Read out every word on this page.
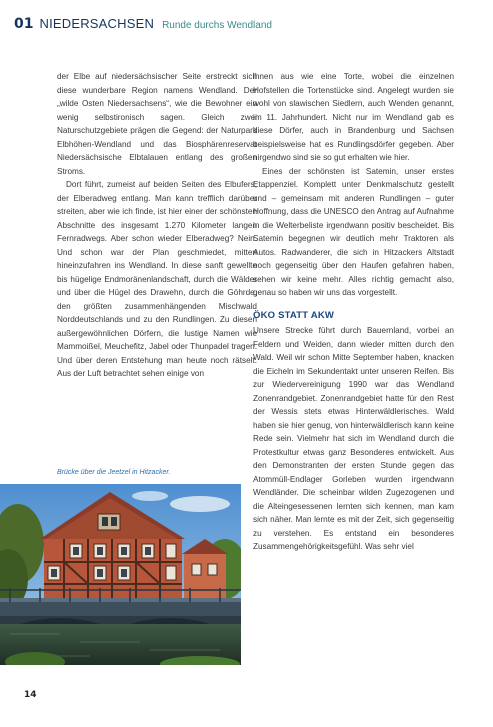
01 NIEDERSACHSEN Runde durchs Wendland

der Elbe auf niedersächsischer Seite erstreckt sich diese wunderbare Region namens Wendland. Der „wilde Osten Niedersachsens“, wie die Bewohner ein wenig selbstironisch sagen. Gleich zwei Naturschutzgebiete prägen die Gegend: der Naturpark Elbhöhen-Wendland und das Biosphärenreservat Niedersächsische Elbtalauen entlang des großen Stroms.

Dort führt, zumeist auf beiden Seiten des Elbufers, der Elberadweg entlang. Man kann trefflich darüber streiten, aber wie ich finde, ist hier einer der schönsten Abschnitte des insgesamt 1.270 Kilometer langen Fernradwegs. Aber schon wieder Elberadweg? Nein. Und schon war der Plan geschmiedet, mitten hineinzufahren ins Wendland. In diese sanft gewellte bis hügelige Endmoränenlandschaft, durch die Wälder und über die Hügel des Drawehn, durch die Göhrde, den größten zusammenhängenden Mischwald Norddeutschlands und zu den Rundlingen. Zu diesen außergewöhnlichen Dörfern, die lustige Namen wie Mammoißel, Meuchefitz, Jabel oder Thunpadel tragen. Und über deren Entstehung man heute noch rätselt. Aus der Luft betrachtet sehen einige von

ihnen aus wie eine Torte, wobei die einzelnen Hofstellen die Tortenstücke sind. Angelegt wurden sie wohl von slawischen Siedlern, auch Wenden genannt, im 11. Jahrhundert. Nicht nur im Wendland gab es diese Dörfer, auch in Brandenburg und Sachsen beispielsweise hat es Rundlingsdörfer gegeben. Aber nirgendwo sind sie so gut erhalten wie hier.

Eines der schönsten ist Satemin, unser erstes Etappenziel. Komplett unter Denkmalschutz gestellt und – gemeinsam mit anderen Rundlingen – guter Hoffnung, dass die UNESCO den Antrag auf Aufnahme in die Welterbeliste irgendwann positiv bescheidet. Bis Satemin begegnen wir deutlich mehr Traktoren als Autos. Radwanderer, die sich in Hitzackers Altstadt noch gegenseitig über den Haufen gefahren haben, sehen wir keine mehr. Alles richtig gemacht also, genau so haben wir uns das vorgestellt.

ÖKO STATT AKW

Unsere Strecke führt durch Bauernland, vorbei an Feldern und Weiden, dann wieder mitten durch den Wald. Weil wir schon Mitte September haben, knacken die Eicheln im Sekundentakt unter unseren Reifen. Bis zur Wiedervereinigung 1990 war das Wendland Zonenrandgebiet. Zonenrandgebiet hatte für den Rest der Wessis stets etwas Hinterwäldlerisches. Wald haben sie hier genug, von hinterwäldlerisch kann keine Rede sein. Vielmehr hat sich im Wendland durch die Protestkultur etwas ganz Besonderes entwickelt. Aus den Demonstranten der ersten Stunde gegen das Atommüll-Endlager Gorleben wurden irgendwann Wendländer. Die scheinbar wilden Zugezogenen und die Alteingesessenen lernten sich kennen, man kam sich näher. Man lernte es mit der Zeit, sich gegenseitig zu verstehen. Es entstand ein besonderes Zusammengehörigkeitsgefühl. Was sehr viel

Brücke über die Jeetzel in Hitzacker.
14
